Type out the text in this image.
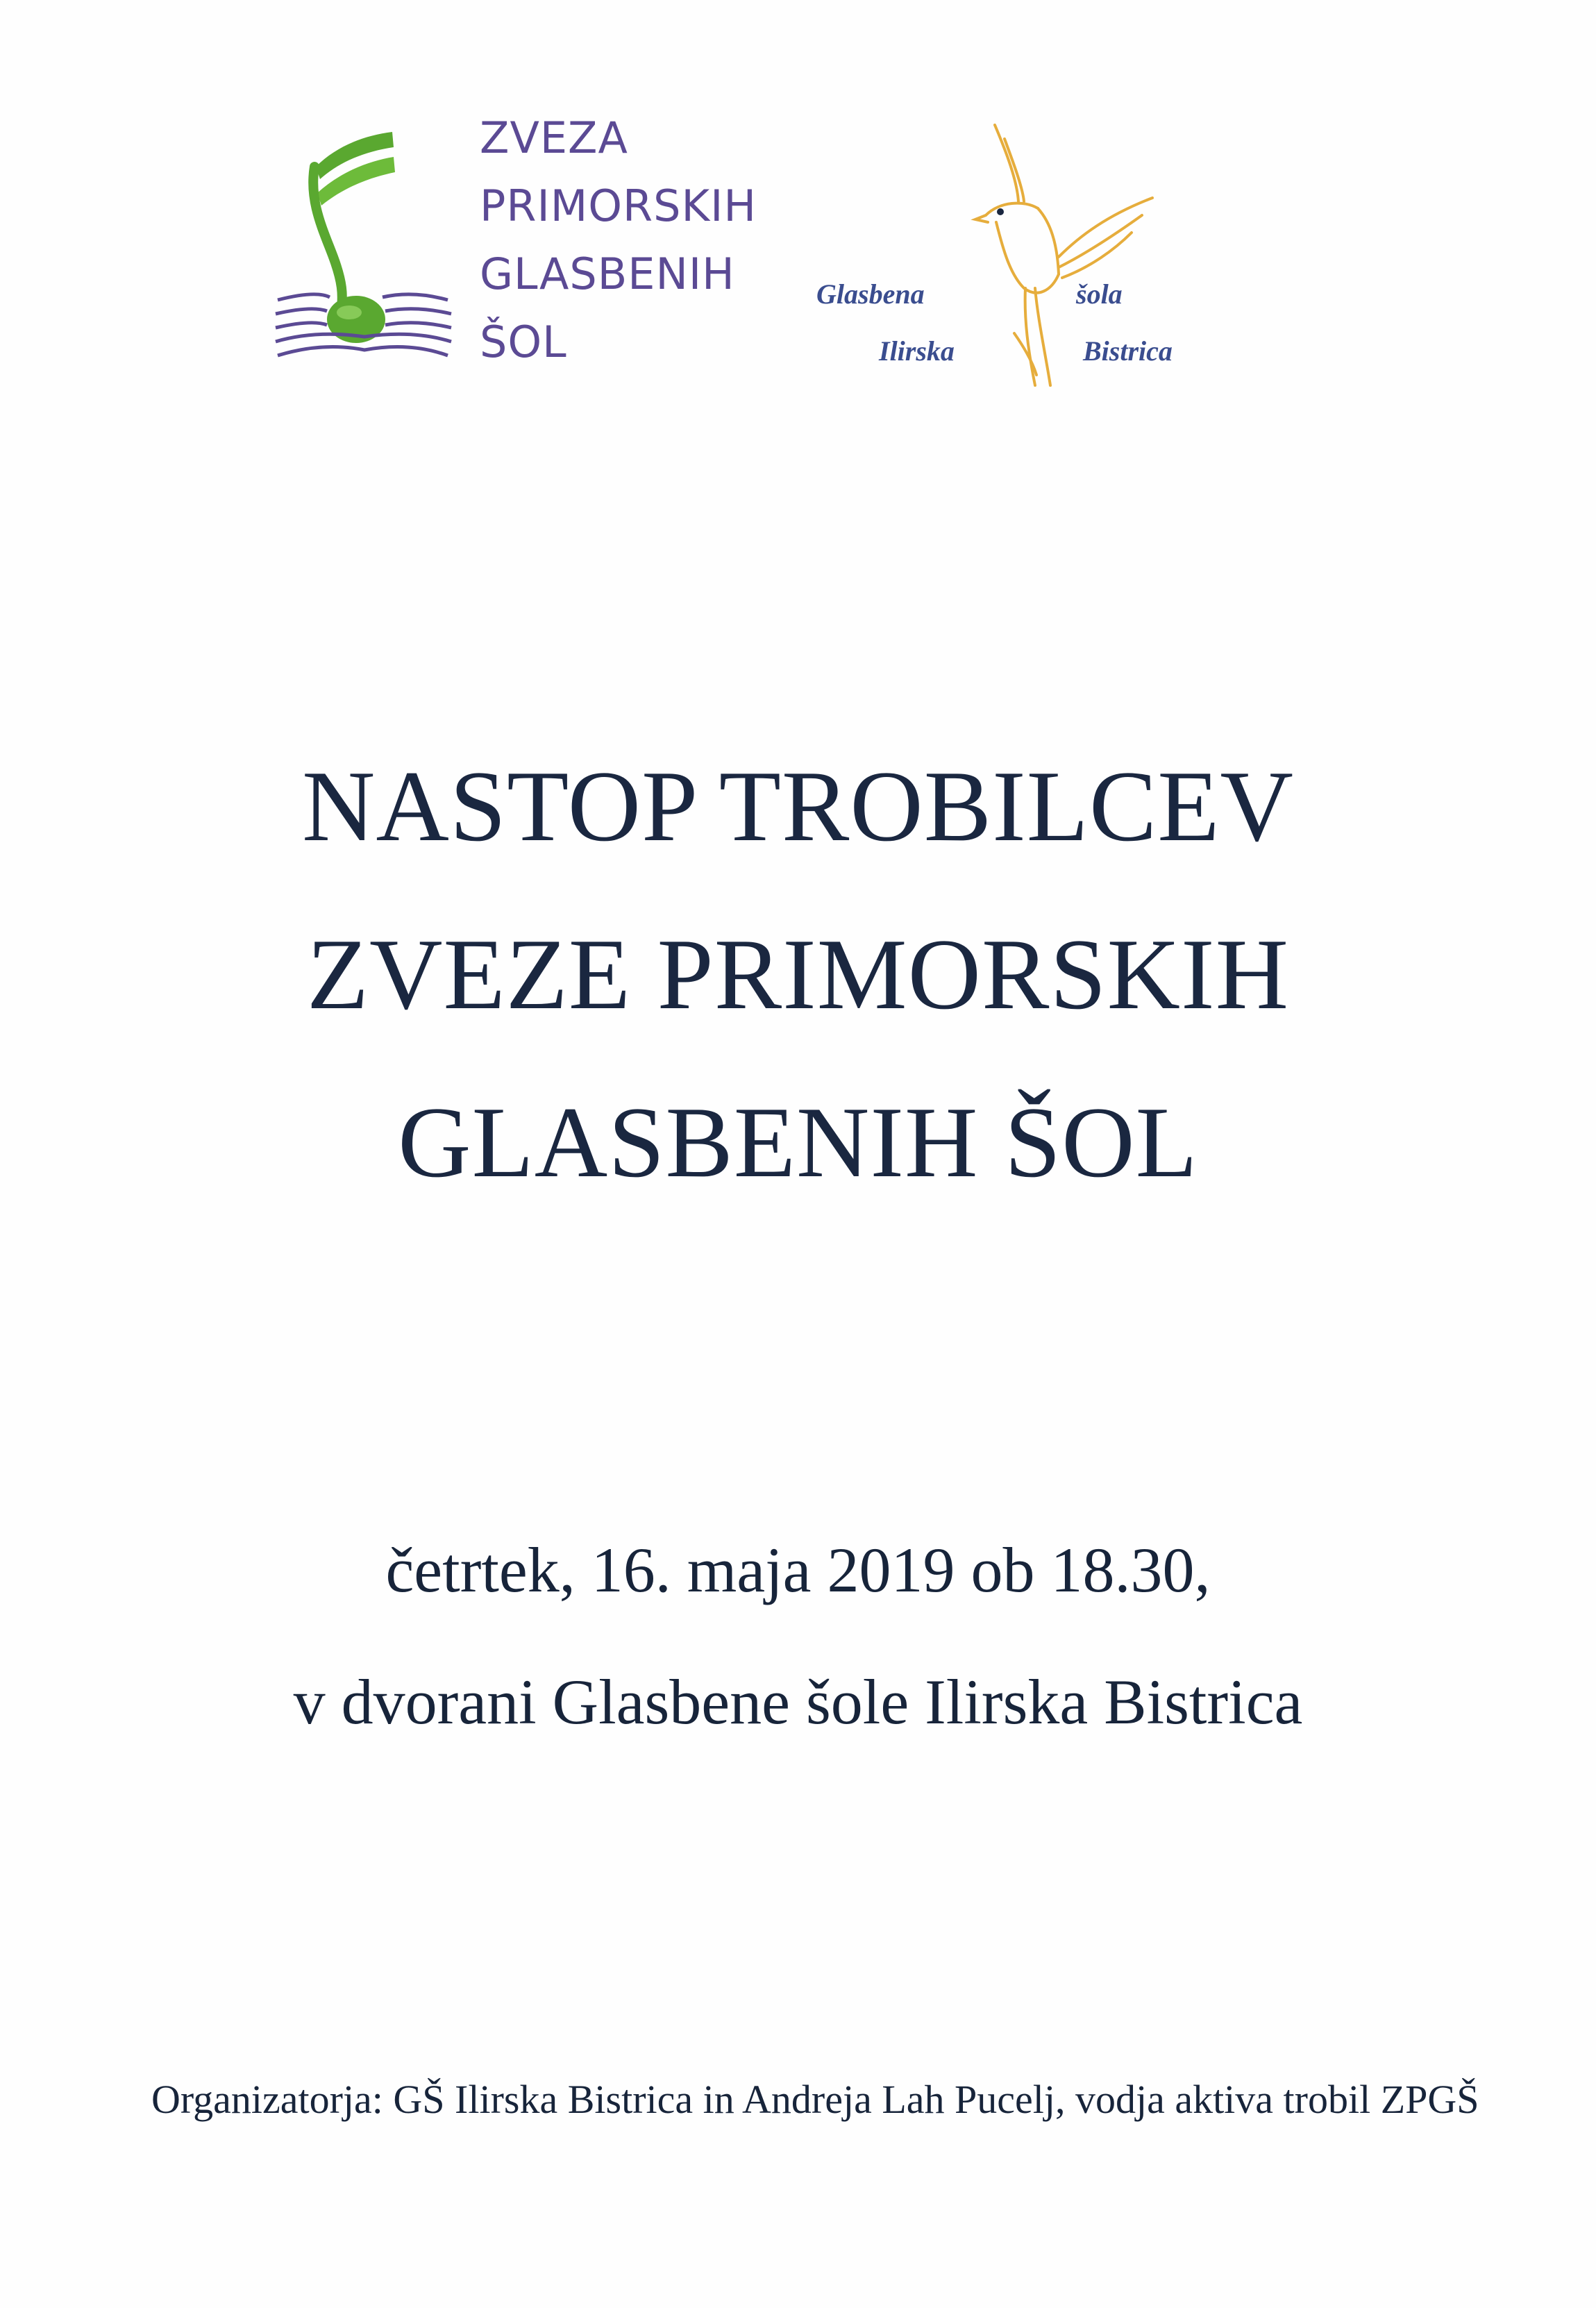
ZVEZA
PRIMORSKIH
GLASBENIH
ŠOL
Glasbena	šola
Ilirska	Bistrica
NASTOP TROBILCEV
ZVEZE PRIMORSKIH
GLASBENIH ŠOL
četrtek, 16. maja 2019 ob 18.30,
v dvorani Glasbene šole Ilirska Bistrica
Organizatorja: GŠ Ilirska Bistrica in Andreja Lah Pucelj, vodja aktiva trobil ZPGŠ
